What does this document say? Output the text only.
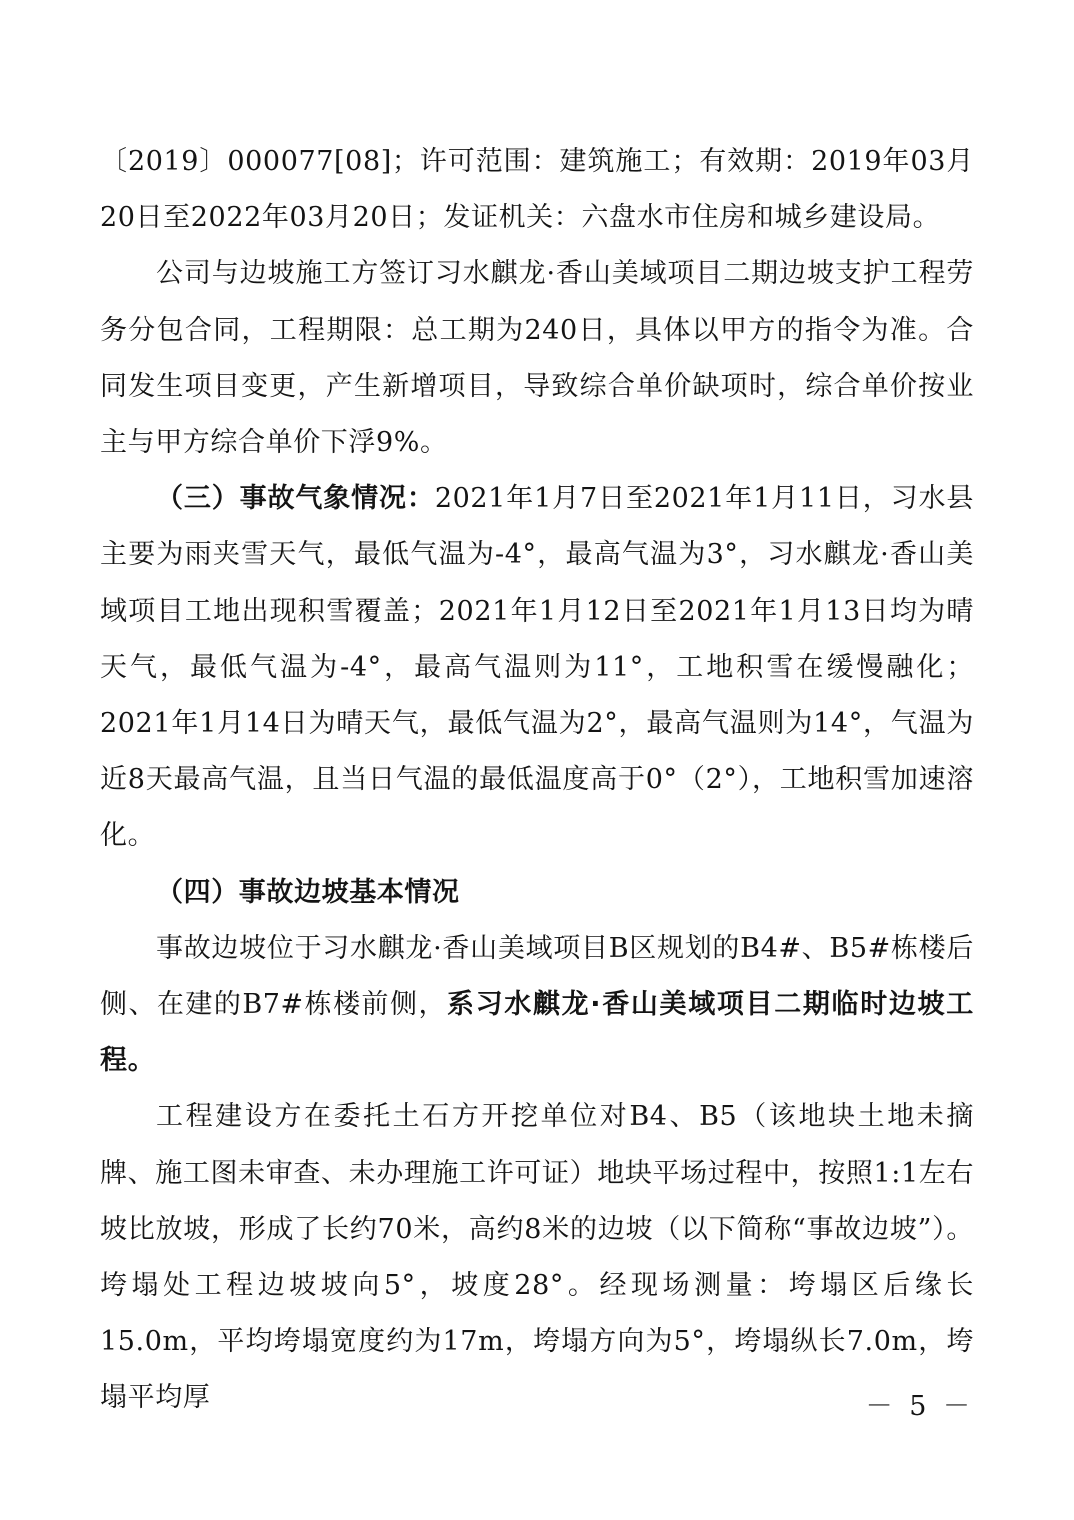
〔2019〕000077[08]；许可范围：建筑施工；有效期：2019年03月20日至2022年03月20日；发证机关：六盘水市住房和城乡建设局。

公司与边坡施工方签订习水麒龙·香山美域项目二期边坡支护工程劳务分包合同，工程期限：总工期为240日，具体以甲方的指令为准。合同发生项目变更，产生新增项目，导致综合单价缺项时，综合单价按业主与甲方综合单价下浮9%。

（三）事故气象情况：2021年1月7日至2021年1月11日，习水县主要为雨夹雪天气，最低气温为-4°，最高气温为3°，习水麒龙·香山美域项目工地出现积雪覆盖；2021年1月12日至2021年1月13日均为晴天气，最低气温为-4°，最高气温则为11°，工地积雪在缓慢融化；2021年1月14日为晴天气，最低气温为2°，最高气温则为14°，气温为近8天最高气温，且当日气温的最低温度高于0°（2°），工地积雪加速溶化。

（四）事故边坡基本情况

事故边坡位于习水麒龙·香山美域项目B区规划的B4#、B5#栋楼后侧、在建的B7#栋楼前侧，系习水麒龙·香山美域项目二期临时边坡工程。

工程建设方在委托土石方开挖单位对B4、B5（该地块土地未摘牌、施工图未审查、未办理施工许可证）地块平场过程中，按照1:1左右坡比放坡，形成了长约70米，高约8米的边坡（以下简称“事故边坡”）。垮塌处工程边坡坡向5°，坡度28°。经现场测量：垮塌区后缘长15.0m，平均垮塌宽度约为17m，垮塌方向为5°，垮塌纵长7.0m，垮塌平均厚	－ 5 －
